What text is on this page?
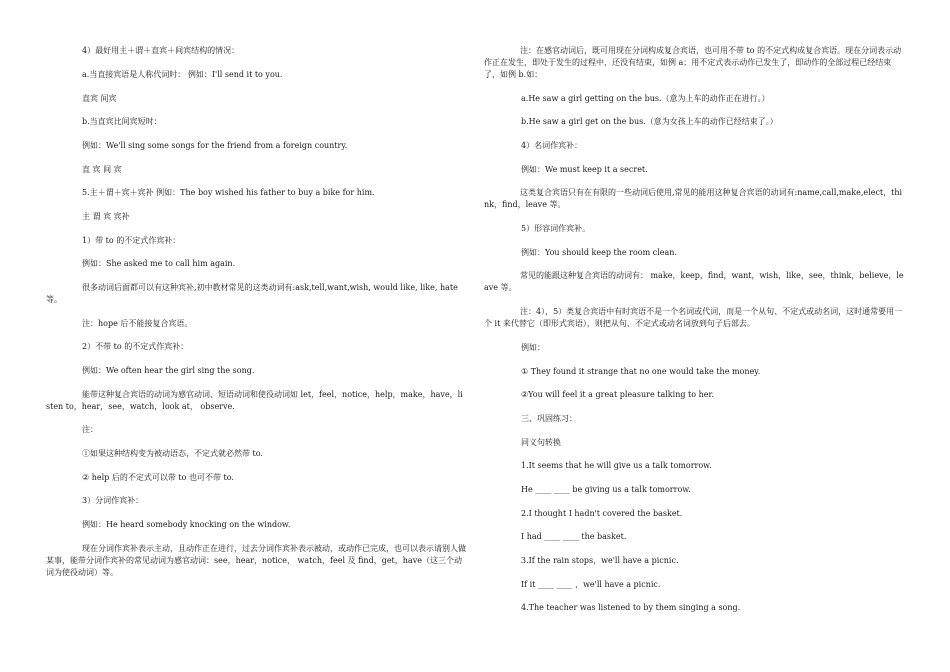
4）最好用主＋谓＋直宾＋间宾结构的情况：

a.当直接宾语是人称代词时： 例如：I'll send it to you.

直宾 间宾

b.当直宾比间宾短时：

例如：We'll sing some songs for the friend from a foreign country.

直 宾 间 宾

5.主＋谓＋宾＋宾补 例如：The boy wished his father to buy a bike for him.

主 谓 宾 宾补

1）带 to 的不定式作宾补：

例如：She asked me to call him again.

很多动词后面都可以有这种宾补,初中教材常见的这类动词有:ask,tell,want,wish, would like, like, hate 等。

注：hope 后不能接复合宾语。

2）不带 to 的不定式作宾补：

例如：We often hear the girl sing the song.

能带这种复合宾语的动词为感官动词、短语动词和使役动词如 let，feel，notice，help，make，have，listen to，hear，see，watch，look at， observe.

注：

①如果这种结构变为被动语态，不定式就必然带 to.

② help 后的不定式可以带 to 也可不带 to.

3）分词作宾补：

例如：He heard somebody knocking on the window.

现在分词作宾补表示主动，且动作正在进行，过去分词作宾补表示被动，或动作已完成，也可以表示请别人做某事，能带分词作宾补的常见动词为感官动词：see，hear，notice， watch，feel 及 find，get，have（这三个动词为使役动词）等。

注：在感官动词后，既可用现在分词构成复合宾语，也可用不带 to 的不定式构成复合宾语。现在分词表示动作正在发生，即处于发生的过程中，还没有结束，如例 a；用不定式表示动作已发生了，即动作的全部过程已经结束了，如例 b.如：

a.He saw a girl getting on the bus.（意为上车的动作正在进行。）

b.He saw a girl get on the bus.（意为女孩上车的动作已经结束了。）

4）名词作宾补：

例如：We must keep it a secret.

这类复合宾语只有在有限的一些动词后使用,常见的能用这种复合宾语的动词有:name,call,make,elect，think，find，leave 等。

5）形容词作宾补。

例如：You should keep the room clean.

常见的能跟这种复合宾语的动词有： make，keep，find，want，wish，like，see，think，believe，leave 等。

注：4），5）类复合宾语中有时宾语不是一个名词或代词，而是一个从句、不定式或动名词，这时通常要用一个 it 来代替它（即形式宾语），则把从句、不定式或动名词放到句子后部去。

例如：

① They found it strange that no one would take the money.

②You will feel it a great pleasure talking to her.

三、巩固练习：

同义句转换

1.It seems that he will give us a talk tomorrow.

He ____ ____ be giving us a talk tomorrow.

2.I thought I hadn't covered the basket.

I had ____ ____ the basket.

3.If the rain stops，we'll have a picnic.

If it ____ ____ ，we'll have a picnic.

4.The teacher was listened to by them singing a song.
